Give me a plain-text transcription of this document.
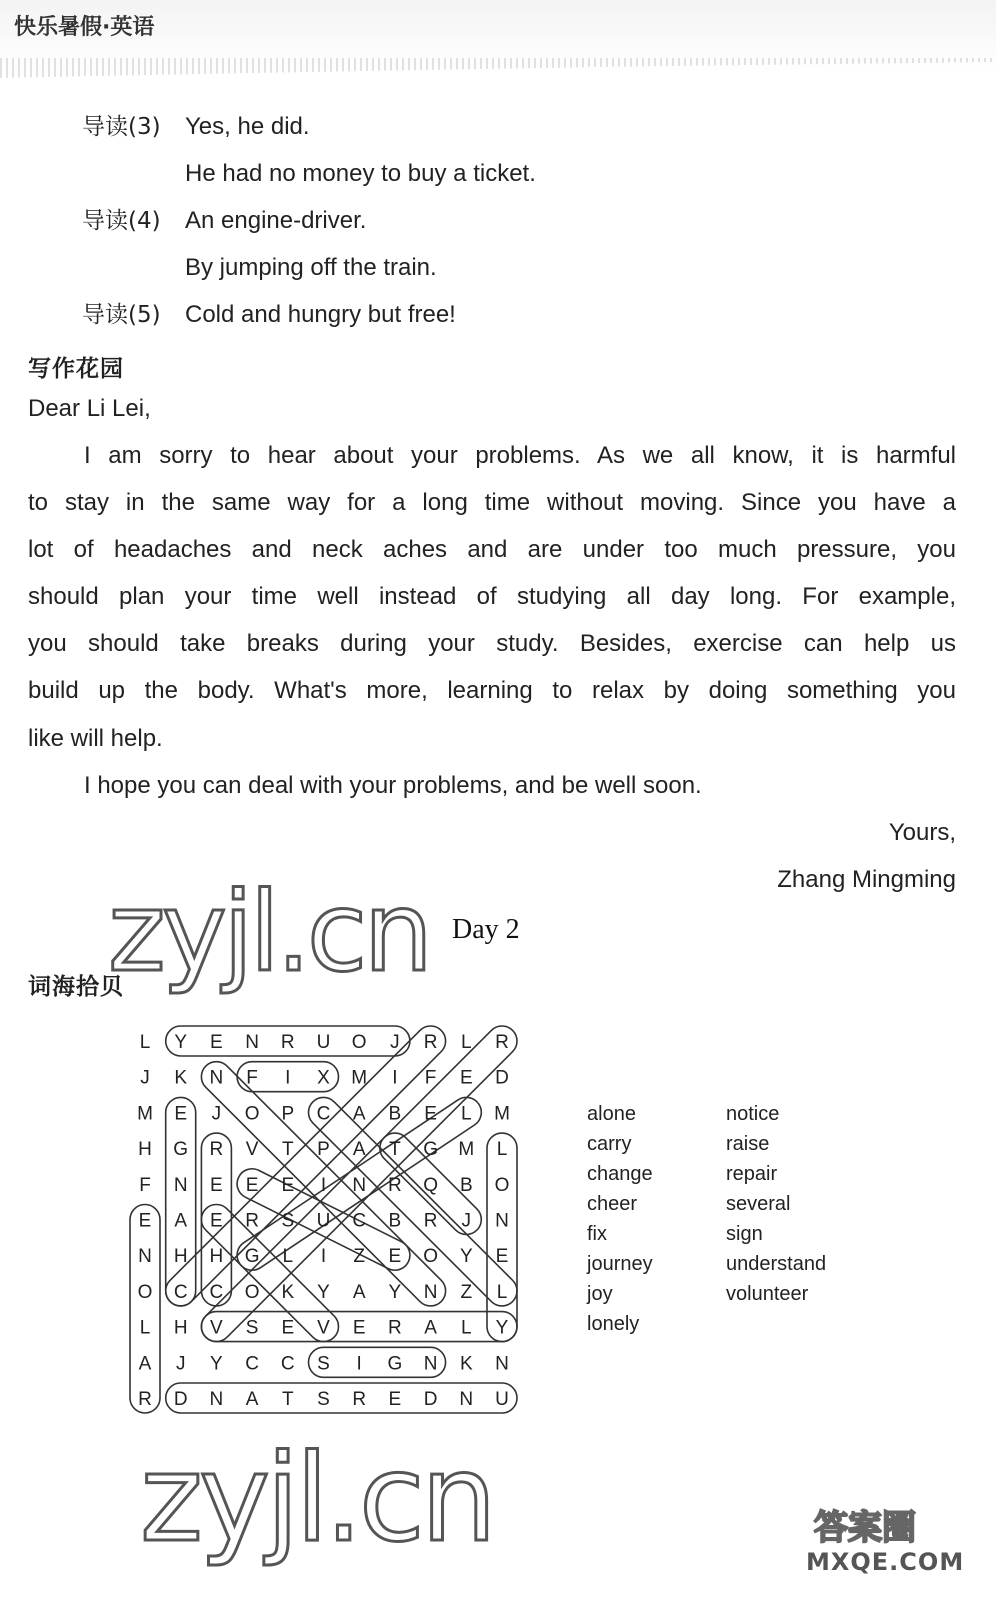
快乐暑假·英语
导读(3) Yes, he did.
He had no money to buy a ticket.
导读(4) An engine-driver.
By jumping off the train.
导读(5) Cold and hungry but free!
写作花园
Dear Li Lei,
I am sorry to hear about your problems. As we all know, it is harmful
to stay in the same way for a long time without moving. Since you have a
lot of headaches and neck aches and are under too much pressure, you
should plan your time well instead of studying all day long. For example,
you should take breaks during your study. Besides, exercise can help us
build up the body. What's more, learning to relax by doing something you
like will help.
I hope you can deal with your problems, and be well soon.
Yours,
Zhang Mingming
zyjl.cn Day 2
词海拾贝
L Y E N R U O J R L R
J K N F I X M I F E D
M E J O P C A B E L M
H G R V T P A T G M L
F N E E E I N R Q B O
E A E R S U C B R J N
N H H G L I Z E O Y E
O C C O K Y A Y N Z L
L H V S E V E R A L Y
A J Y C C S I G N K N
R D N A T S R E D N U
alone
carry
change
cheer
fix
journey
joy
lonely
notice
raise
repair
several
sign
understand
volunteer
zyjl.cn	答案圈
MXQE.COM
